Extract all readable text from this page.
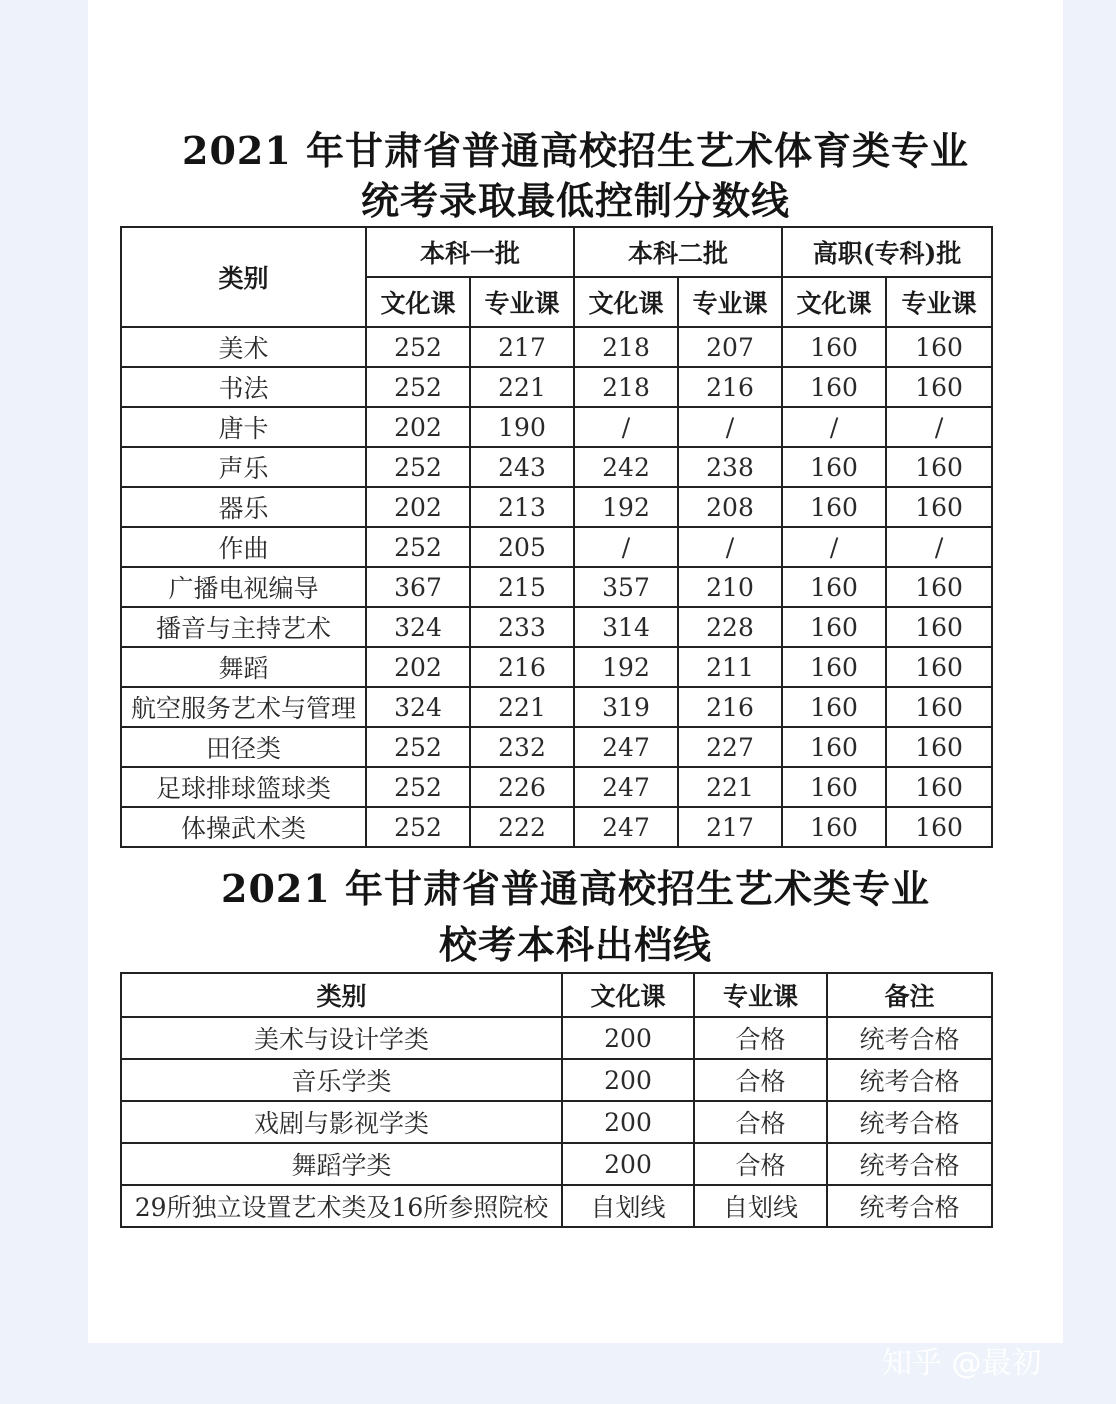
2021 年甘肃省普通高校招生艺术体育类专业
统考录取最低控制分数线
类别	本科一批		本科二批		高职(专科)批	
	文化课	专业课	文化课	专业课	文化课	专业课
美术	252	217	218	207	160	160
书法	252	221	218	216	160	160
唐卡	202	190	/	/	/	/
声乐	252	243	242	238	160	160
器乐	202	213	192	208	160	160
作曲	252	205	/	/	/	/
广播电视编导	367	215	357	210	160	160
播音与主持艺术	324	233	314	228	160	160
舞蹈	202	216	192	211	160	160
航空服务艺术与管理	324	221	319	216	160	160
田径类	252	232	247	227	160	160
足球排球篮球类	252	226	247	221	160	160
体操武术类	252	222	247	217	160	160
2021 年甘肃省普通高校招生艺术类专业
校考本科出档线
类别	文化课	专业课	备注
美术与设计学类	200	合格	统考合格
音乐学类	200	合格	统考合格
戏剧与影视学类	200	合格	统考合格
舞蹈学类	200	合格	统考合格
29所独立设置艺术类及16所参照院校	自划线	自划线	统考合格
知乎 @最初
